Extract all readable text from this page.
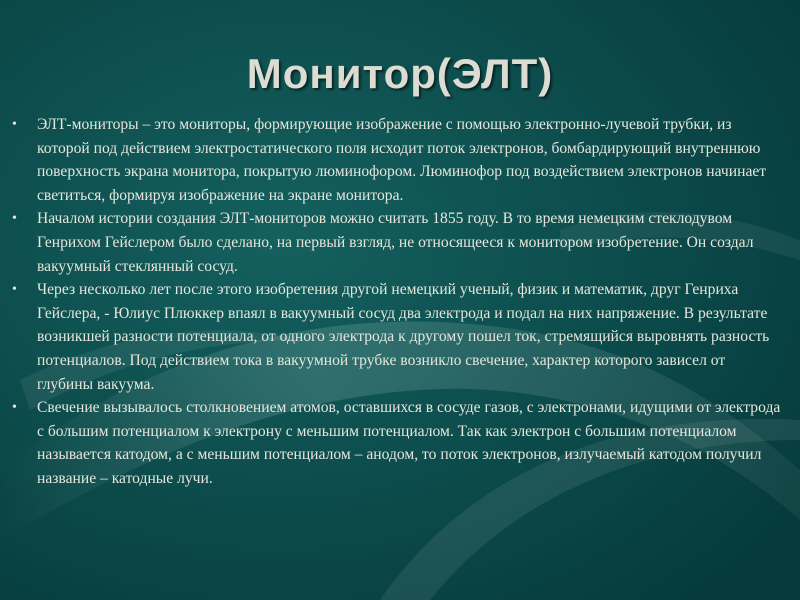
Монитор(ЭЛТ)
• ЭЛТ-мониторы – это мониторы, формирующие изображение с помощью электронно-лучевой трубки, из которой под действием электростатического поля исходит поток электронов, бомбардирующий внутреннюю поверхность экрана монитора, покрытую люминофором. Люминофор под воздействием электронов начинает светиться, формируя изображение на экране монитора.
• Началом истории создания ЭЛТ-мониторов можно считать 1855 году. В то время немецким стеклодувом Генрихом Гейслером было сделано, на первый взгляд, не относящееся к монитором изобретение. Он создал вакуумный стеклянный сосуд.
• Через несколько лет после этого изобретения другой немецкий ученый, физик и математик, друг Генриха Гейслера, - Юлиус Плюккер впаял в вакуумный сосуд два электрода и подал на них напряжение. В результате возникшей разности потенциала, от одного электрода к другому пошел ток, стремящийся выровнять разность потенциалов. Под действием тока в вакуумной трубке возникло свечение, характер которого зависел от глубины вакуума.
• Свечение вызывалось столкновением атомов, оставшихся в сосуде газов, с электронами, идущими от электрода с большим потенциалом к электрону с меньшим потенциалом. Так как электрон с большим потенциалом называется катодом, а с меньшим потенциалом – анодом, то поток электронов, излучаемый катодом получил название – катодные лучи.
